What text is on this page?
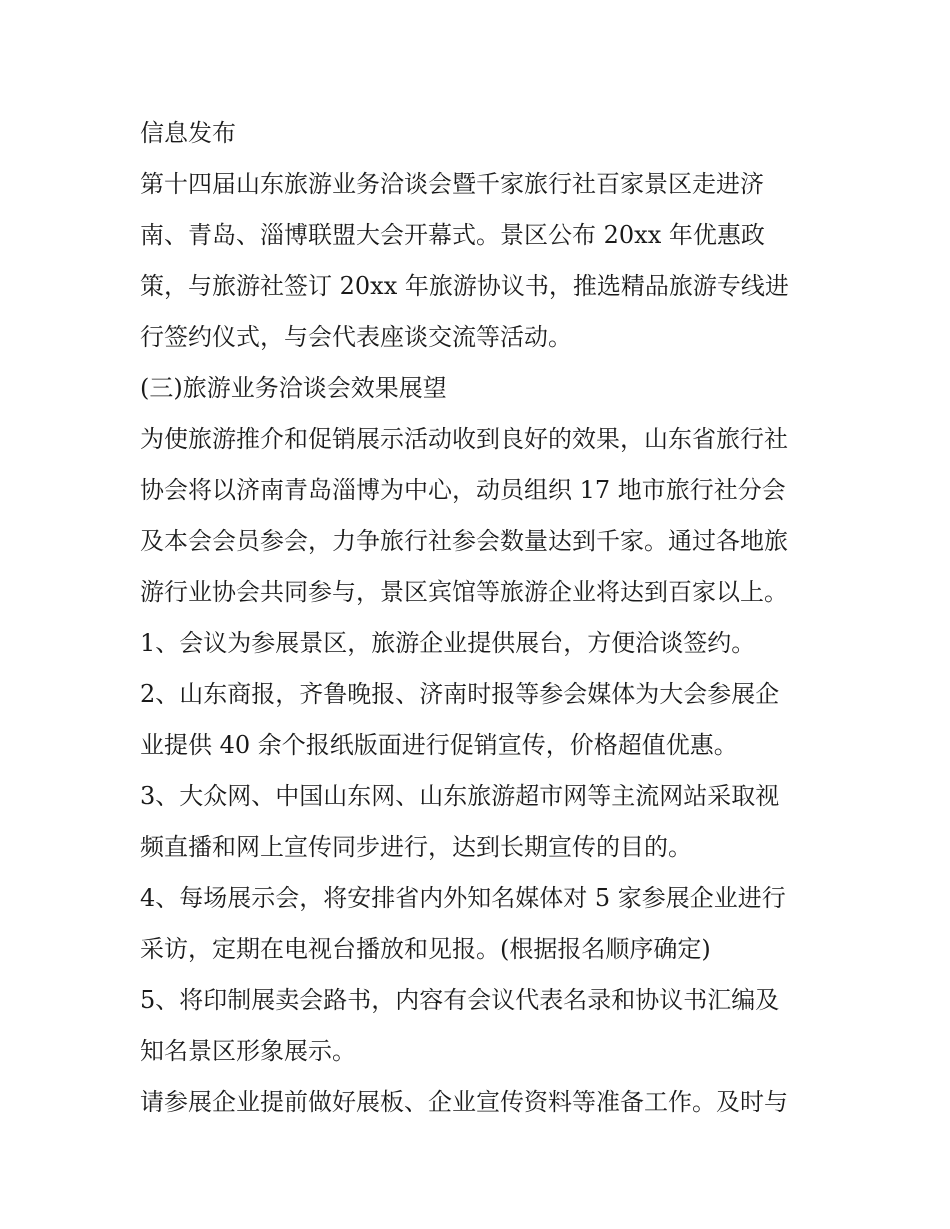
信息发布
第十四届山东旅游业务洽谈会暨千家旅行社百家景区走进济
南、青岛、淄博联盟大会开幕式。景区公布 20xx 年优惠政
策，与旅游社签订 20xx 年旅游协议书，推选精品旅游专线进
行签约仪式，与会代表座谈交流等活动。
(三)旅游业务洽谈会效果展望
为使旅游推介和促销展示活动收到良好的效果，山东省旅行社
协会将以济南青岛淄博为中心，动员组织 17 地市旅行社分会
及本会会员参会，力争旅行社参会数量达到千家。通过各地旅
游行业协会共同参与，景区宾馆等旅游企业将达到百家以上。
1、会议为参展景区，旅游企业提供展台，方便洽谈签约。
2、山东商报，齐鲁晚报、济南时报等参会媒体为大会参展企
业提供 40 余个报纸版面进行促销宣传，价格超值优惠。
3、大众网、中国山东网、山东旅游超市网等主流网站采取视
频直播和网上宣传同步进行，达到长期宣传的目的。
4、每场展示会，将安排省内外知名媒体对 5 家参展企业进行
采访，定期在电视台播放和见报。(根据报名顺序确定)
5、将印制展卖会路书，内容有会议代表名录和协议书汇编及
知名景区形象展示。
请参展企业提前做好展板、企业宣传资料等准备工作。及时与
